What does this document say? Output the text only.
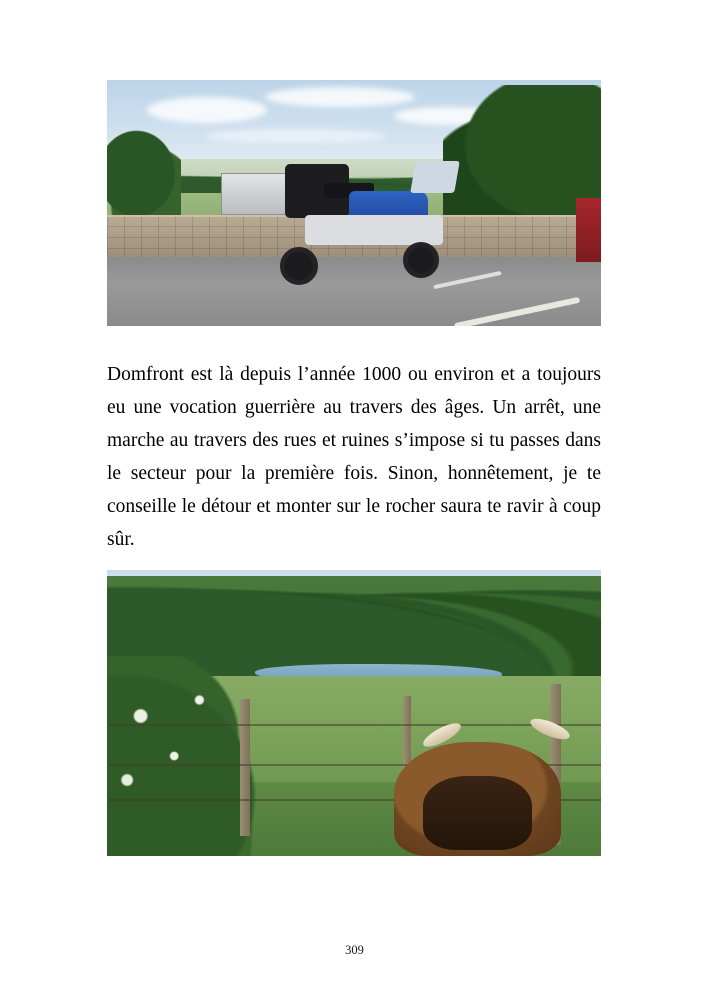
Domfront est là depuis l’année 1000 ou environ et a toujours eu une vocation guerrière au travers des âges. Un arrêt, une marche au travers des rues et ruines s’impose si tu passes dans le secteur pour la première fois. Sinon, honnêtement, je te conseille le détour et monter sur le rocher saura te ravir à coup sûr.

309
